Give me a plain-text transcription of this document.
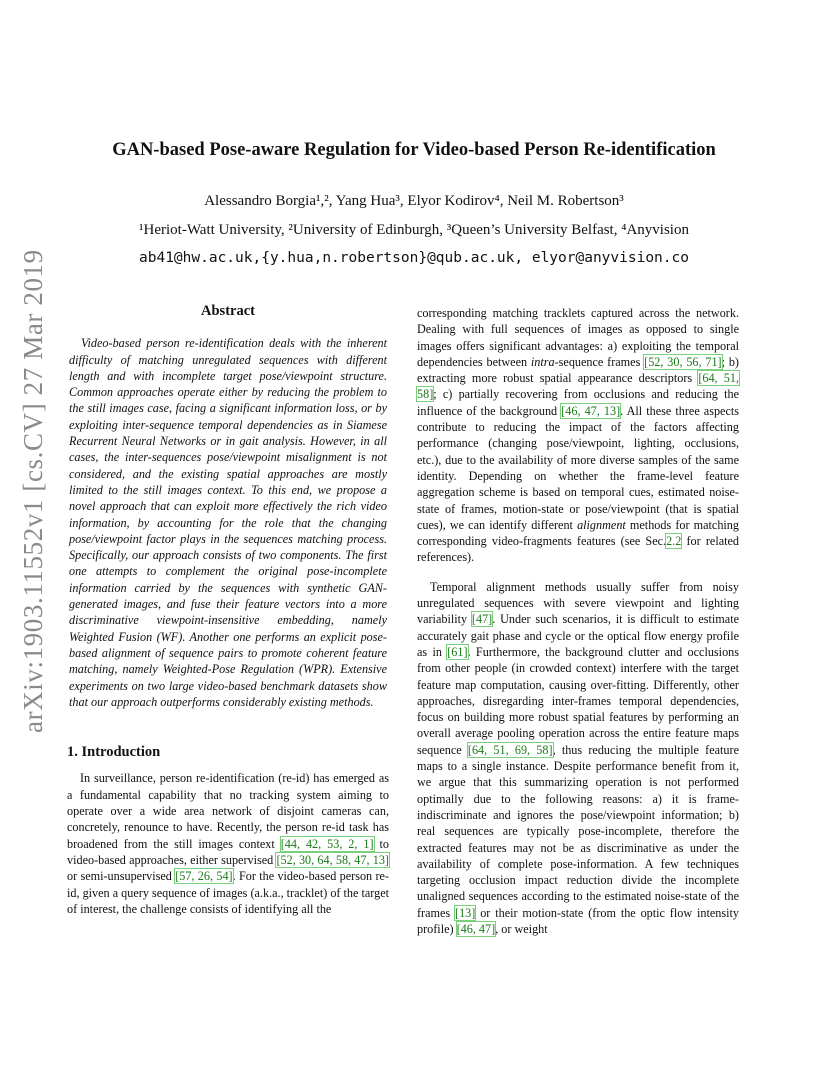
arXiv:1903.11552v1 [cs.CV] 27 Mar 2019
GAN-based Pose-aware Regulation for Video-based Person Re-identification
Alessandro Borgia¹,², Yang Hua³, Elyor Kodirov⁴, Neil M. Robertson³
¹Heriot-Watt University, ²University of Edinburgh, ³Queen’s University Belfast, ⁴Anyvision
ab41@hw.ac.uk,{y.hua,n.robertson}@qub.ac.uk, elyor@anyvision.co
Abstract

Video-based person re-identification deals with the inherent difficulty of matching unregulated sequences with different length and with incomplete target pose/viewpoint structure. Common approaches operate either by reducing the problem to the still images case, facing a significant information loss, or by exploiting inter-sequence temporal dependencies as in Siamese Recurrent Neural Networks or in gait analysis. However, in all cases, the inter-sequences pose/viewpoint misalignment is not considered, and the existing spatial approaches are mostly limited to the still images context. To this end, we propose a novel approach that can exploit more effectively the rich video information, by accounting for the role that the changing pose/viewpoint factor plays in the sequences matching process. Specifically, our approach consists of two components. The first one attempts to complement the original pose-incomplete information carried by the sequences with synthetic GAN-generated images, and fuse their feature vectors into a more discriminative viewpoint-insensitive embedding, namely Weighted Fusion (WF). Another one performs an explicit pose-based alignment of sequence pairs to promote coherent feature matching, namely Weighted-Pose Regulation (WPR). Extensive experiments on two large video-based benchmark datasets show that our approach outperforms considerably existing methods.

1. Introduction

In surveillance, person re-identification (re-id) has emerged as a fundamental capability that no tracking system aiming to operate over a wide area network of disjoint cameras can, concretely, renounce to have. Recently, the person re-id task has broadened from the still images context [44, 42, 53, 2, 1] to video-based approaches, either supervised [52, 30, 64, 58, 47, 13] or semi-unsupervised [57, 26, 54]. For the video-based person re-id, given a query sequence of images (a.k.a., tracklet) of the target of interest, the challenge consists of identifying all the

corresponding matching tracklets captured across the network. Dealing with full sequences of images as opposed to single images offers significant advantages: a) exploiting the temporal dependencies between intra-sequence frames [52, 30, 56, 71]; b) extracting more robust spatial appearance descriptors [64, 51, 58]; c) partially recovering from occlusions and reducing the influence of the background [46, 47, 13]. All these three aspects contribute to reducing the impact of the factors affecting performance (changing pose/viewpoint, lighting, occlusions, etc.), due to the availability of more diverse samples of the same identity. Depending on whether the frame-level feature aggregation scheme is based on temporal cues, estimated noise-state of frames, motion-state or pose/viewpoint (that is spatial cues), we can identify different alignment methods for matching corresponding video-fragments features (see Sec.2.2 for related references).

Temporal alignment methods usually suffer from noisy unregulated sequences with severe viewpoint and lighting variability [47]. Under such scenarios, it is difficult to estimate accurately gait phase and cycle or the optical flow energy profile as in [61]. Furthermore, the background clutter and occlusions from other people (in crowded context) interfere with the target feature map computation, causing over-fitting. Differently, other approaches, disregarding inter-frames temporal dependencies, focus on building more robust spatial features by performing an overall average pooling operation across the entire feature maps sequence [64, 51, 69, 58], thus reducing the multiple feature maps to a single instance. Despite performance benefit from it, we argue that this summarizing operation is not performed optimally due to the following reasons: a) it is frame-indiscriminate and ignores the pose/viewpoint information; b) real sequences are typically pose-incomplete, therefore the extracted features may not be as discriminative as under the availability of complete pose-information. A few techniques targeting occlusion impact reduction divide the incomplete unaligned sequences according to the estimated noise-state of the frames [13] or their motion-state (from the optic flow intensity profile) [46, 47], or weight
